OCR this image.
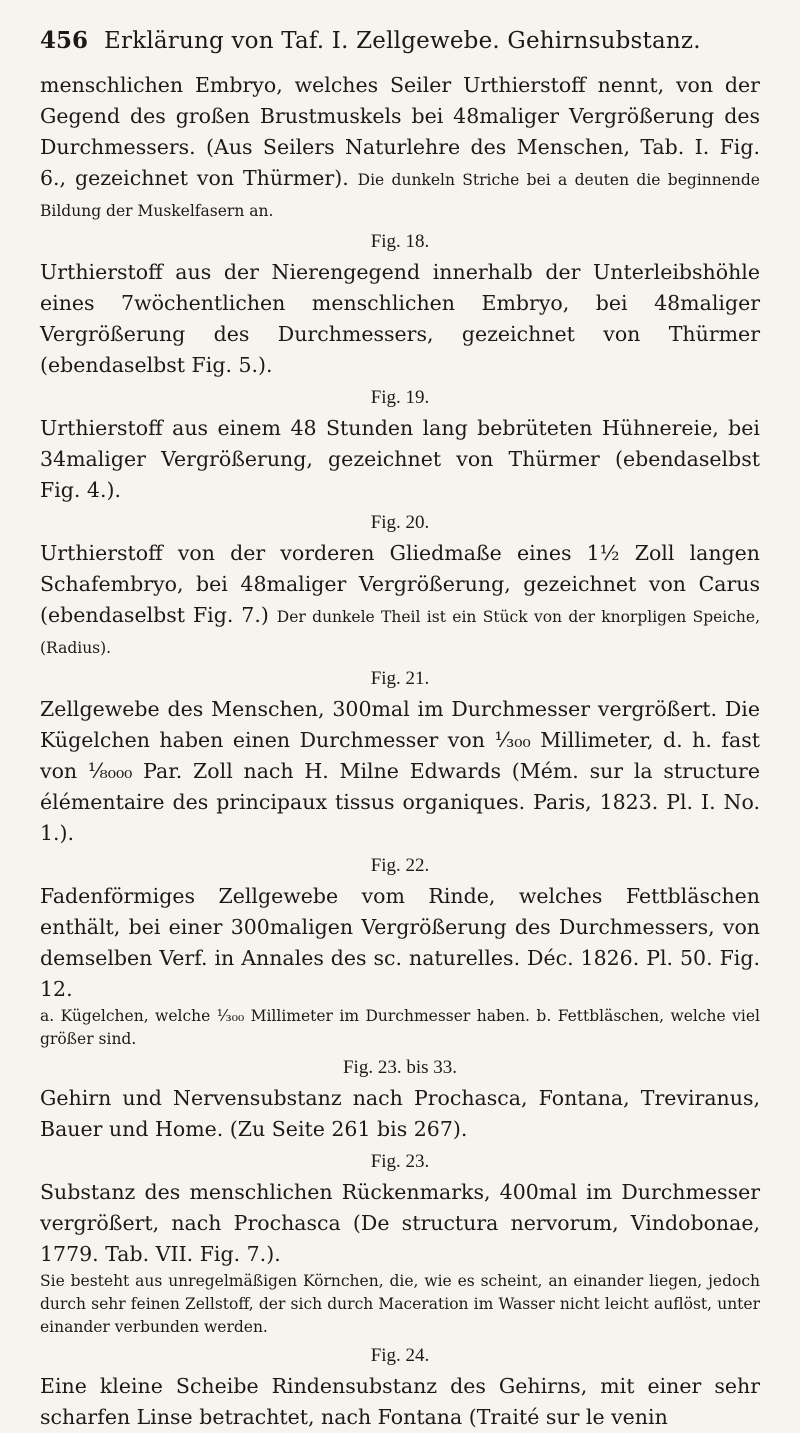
456 Erklärung von Taf. I. Zellgewebe. Gehirnsubstanz.

menschlichen Embryo, welches Seiler Urthierstoff nennt, von der Gegend des großen Brustmuskels bei 48maliger Vergrößerung des Durchmessers. (Aus Seilers Naturlehre des Menschen, Tab. I. Fig. 6., gezeichnet von Thürmer). Die dunkeln Striche bei a deuten die beginnende Bildung der Muskelfasern an.

Fig. 18.

Urthierstoff aus der Nierengegend innerhalb der Unterleibshöhle eines 7wöchentlichen menschlichen Embryo, bei 48maliger Vergrößerung des Durchmessers, gezeichnet von Thürmer (ebendaselbst Fig. 5.).

Fig. 19.

Urthierstoff aus einem 48 Stunden lang bebrüteten Hühnereie, bei 34maliger Vergrößerung, gezeichnet von Thürmer (ebendaselbst Fig. 4.).

Fig. 20.

Urthierstoff von der vorderen Gliedmaße eines 1½ Zoll langen Schafembryo, bei 48maliger Vergrößerung, gezeichnet von Carus (ebendaselbst Fig. 7.) Der dunkele Theil ist ein Stück von der knorpligen Speiche, (Radius).

Fig. 21.

Zellgewebe des Menschen, 300mal im Durchmesser vergrößert. Die Kügelchen haben einen Durchmesser von ¹⁄₃₀₀ Millimeter, d. h. fast von ¹⁄₈₀₀₀ Par. Zoll nach H. Milne Edwards (Mém. sur la structure élémentaire des principaux tissus organiques. Paris, 1823. Pl. I. No. 1.).

Fig. 22.

Fadenförmiges Zellgewebe vom Rinde, welches Fettbläschen enthält, bei einer 300maligen Vergrößerung des Durchmessers, von demselben Verf. in Annales des sc. naturelles. Déc. 1826. Pl. 50. Fig. 12.

a. Kügelchen, welche ¹⁄₃₀₀ Millimeter im Durchmesser haben. b. Fettbläschen, welche viel größer sind.

Fig. 23. bis 33.

Gehirn und Nervensubstanz nach Prochasca, Fontana, Treviranus, Bauer und Home. (Zu Seite 261 bis 267).

Fig. 23.

Substanz des menschlichen Rückenmarks, 400mal im Durchmesser vergrößert, nach Prochasca (De structura nervorum, Vindobonae, 1779. Tab. VII. Fig. 7.).

Sie besteht aus unregelmäßigen Körnchen, die, wie es scheint, an einander liegen, jedoch durch sehr feinen Zellstoff, der sich durch Maceration im Wasser nicht leicht auflöst, unter einander verbunden werden.

Fig. 24.

Eine kleine Scheibe Rindensubstanz des Gehirns, mit einer sehr scharfen Linse betrachtet, nach Fontana (Traité sur le venin
